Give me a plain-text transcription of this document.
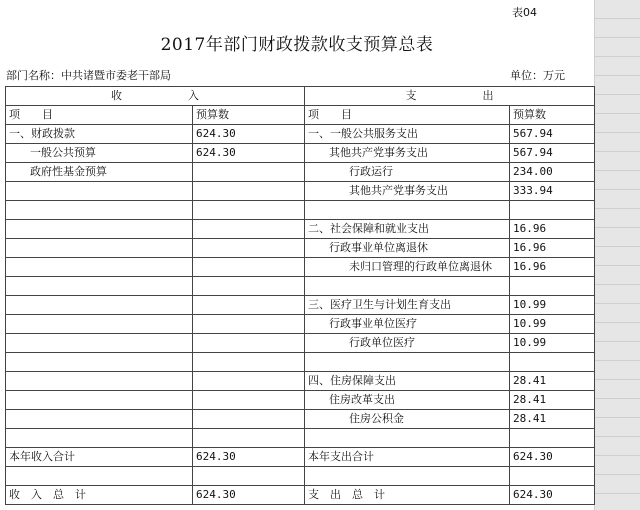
表04
2017年部门财政拨款收支预算总表
部门名称：中共诸暨市委老干部局	单位：万元
收　　　　　　入		支　　　　　　出	
项　　目	预算数	项　　目	预算数
一、财政拨款	624.30	一、一般公共服务支出	567.94
一般公共预算	624.30	其他共产党事务支出	567.94
政府性基金预算		行政运行	234.00
		其他共产党事务支出	333.94

		二、社会保障和就业支出	16.96
		行政事业单位离退休	16.96
		未归口管理的行政单位离退休	16.96

		三、医疗卫生与计划生育支出	10.99
		行政事业单位医疗	10.99
		行政单位医疗	10.99

		四、住房保障支出	28.41
		住房改革支出	28.41
		住房公积金	28.41

本年收入合计	624.30	本年支出合计	624.30

收　入　总　计	624.30	支　出　总　计	624.30
